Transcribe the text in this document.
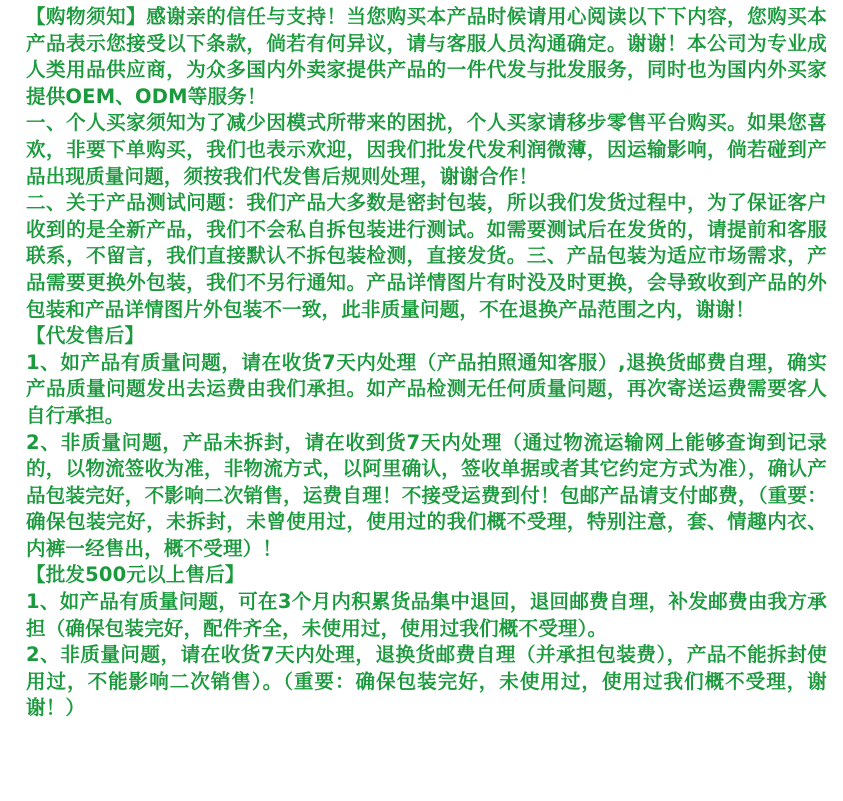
【购物须知】感谢亲的信任与支持！当您购买本产品时候请用心阅读以下下内容，您购买本产品表示您接受以下条款，倘若有何异议，请与客服人员沟通确定。谢谢！本公司为专业成人类用品供应商，为众多国内外卖家提供产品的一件代发与批发服务，同时也为国内外买家提供OEM、ODM等服务！

一、个人买家须知为了减少因模式所带来的困扰，个人买家请移步零售平台购买。如果您喜欢，非要下单购买，我们也表示欢迎，因我们批发代发利润微薄，因运输影响，倘若碰到产品出现质量问题，须按我们代发售后规则处理，谢谢合作！

二、关于产品测试问题：我们产品大多数是密封包装，所以我们发货过程中，为了保证客户收到的是全新产品，我们不会私自拆包装进行测试。如需要测试后在发货的，请提前和客服联系，不留言，我们直接默认不拆包装检测，直接发货。三、产品包装为适应市场需求，产品需要更换外包装，我们不另行通知。产品详情图片有时没及时更换，会导致收到产品的外包装和产品详情图片外包装不一致，此非质量问题，不在退换产品范围之内，谢谢！

【代发售后】

1、如产品有质量问题，请在收货7天内处理（产品拍照通知客服）,退换货邮费自理，确实产品质量问题发出去运费由我们承担。如产品检测无任何质量问题，再次寄送运费需要客人自行承担。

2、非质量问题，产品未拆封，请在收到货7天内处理（通过物流运输网上能够查询到记录的，以物流签收为准，非物流方式，以阿里确认，签收单据或者其它约定方式为准），确认产品包装完好，不影响二次销售，运费自理！不接受运费到付！包邮产品请支付邮费，（重要：确保包装完好，未拆封，未曾使用过，使用过的我们概不受理，特别注意，套、情趣内衣、内裤一经售出，概不受理）！

【批发500元以上售后】

1、如产品有质量问题，可在3个月内积累货品集中退回，退回邮费自理，补发邮费由我方承担（确保包装完好，配件齐全，未使用过，使用过我们概不受理）。

2、非质量问题，请在收货7天内处理，退换货邮费自理（并承担包装费），产品不能拆封使用过，不能影响二次销售）。（重要：确保包装完好，未使用过，使用过我们概不受理，谢谢！）
